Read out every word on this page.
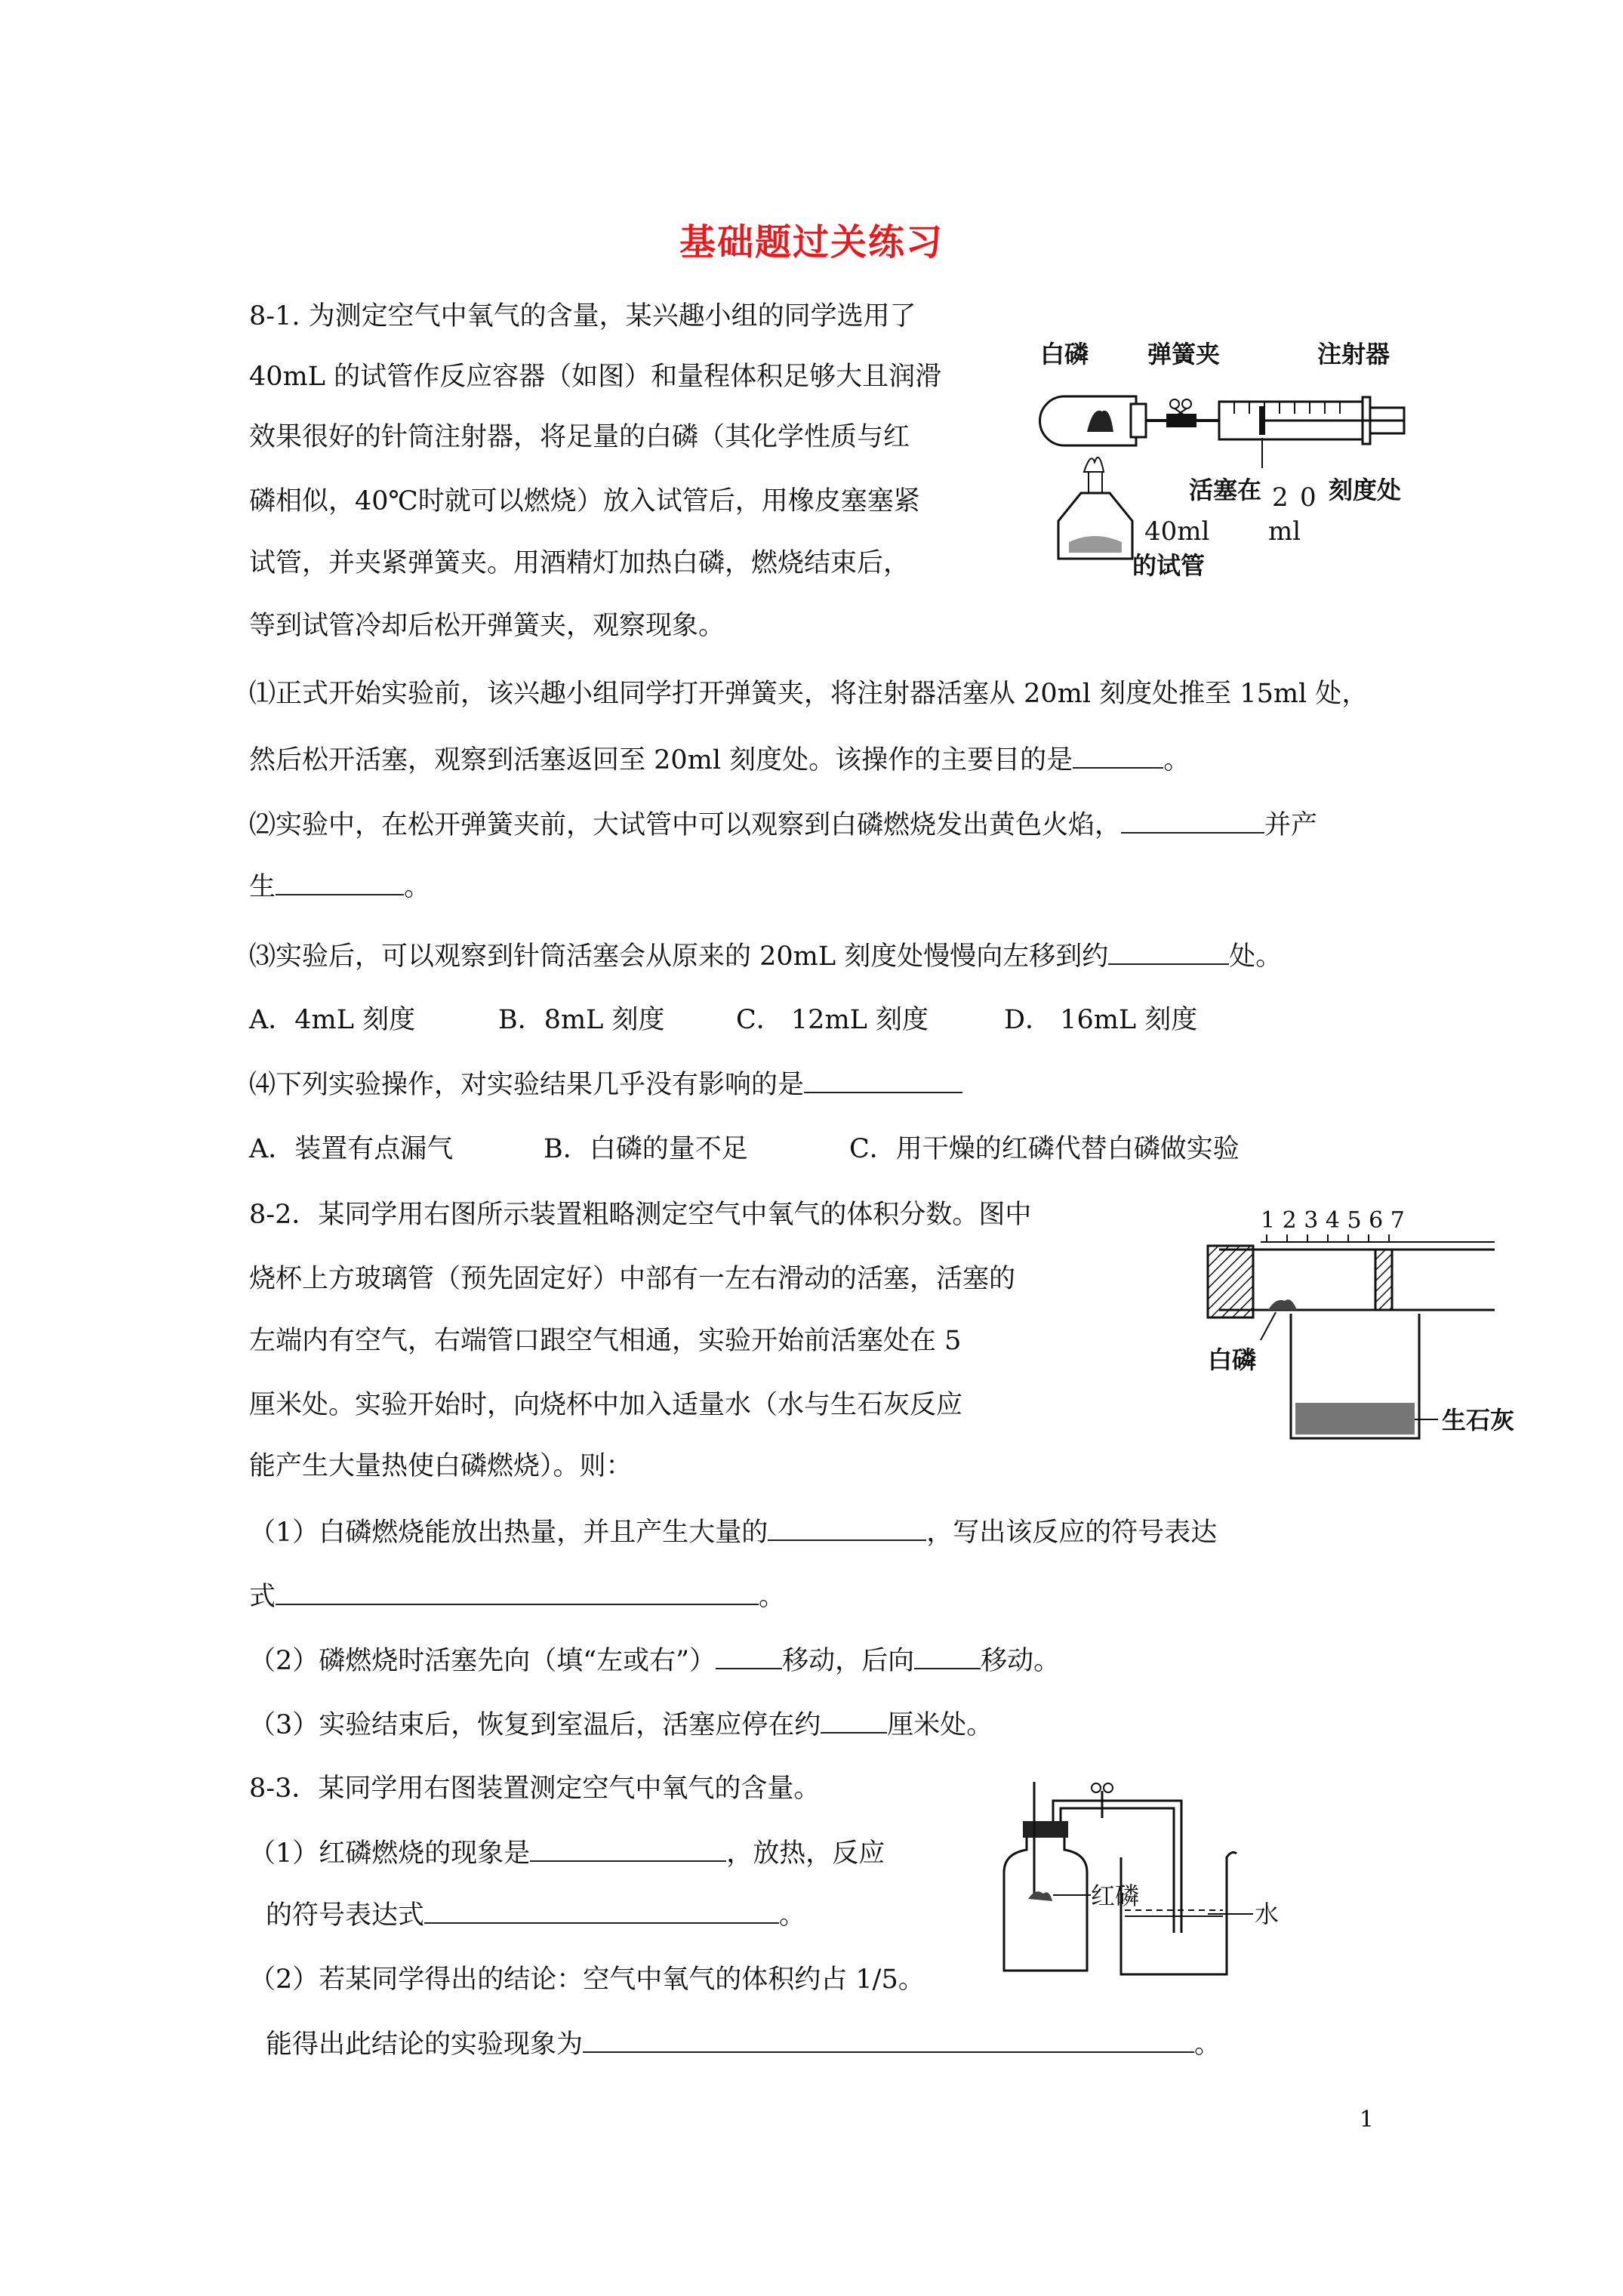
基础题过关练习
8-1. 为测定空气中氧气的含量，某兴趣小组的同学选用了
40mL 的试管作反应容器（如图）和量程体积足够大且润滑
效果很好的针筒注射器，将足量的白磷（其化学性质与红
磷相似，40℃时就可以燃烧）放入试管后，用橡皮塞塞紧
试管，并夹紧弹簧夹。用酒精灯加热白磷，燃烧结束后，
等到试管冷却后松开弹簧夹，观察现象。
白磷 弹簧夹	注射器
活塞在 2 0 刻度处
ml
40ml
的试管
⑴正式开始实验前，该兴趣小组同学打开弹簧夹，将注射器活塞从 20ml 刻度处推至 15ml 处，
然后松开活塞，观察到活塞返回至 20ml 刻度处。该操作的主要目的是	。
⑵实验中，在松开弹簧夹前，大试管中可以观察到白磷燃烧发出黄色火焰，	并产
生	。
⑶实验后，可以观察到针筒活塞会从原来的 20mL 刻度处慢慢向左移到约	处。
A．4mL 刻度	B．8mL 刻度	C． 12mL 刻度	D． 16mL 刻度
⑷下列实验操作，对实验结果几乎没有影响的是
A．装置有点漏气	B．白磷的量不足	C．用干燥的红磷代替白磷做实验
8-2．某同学用右图所示装置粗略测定空气中氧气的体积分数。图中
烧杯上方玻璃管（预先固定好）中部有一左右滑动的活塞，活塞的
左端内有空气，右端管口跟空气相通，实验开始前活塞处在 5
厘米处。实验开始时，向烧杯中加入适量水（水与生石灰反应
能产生大量热使白磷燃烧）。则：
1 2 3 4 5 6 7
白磷
生石灰
（1）白磷燃烧能放出热量，并且产生大量的	，写出该反应的符号表达
式	。
（2）磷燃烧时活塞先向（填“左或右”）	移动，后向	移动。
（3）实验结束后，恢复到室温后，活塞应停在约	厘米处。
8-3．某同学用右图装置测定空气中氧气的含量。
（1）红磷燃烧的现象是	，放热，反应
的符号表达式	。
（2）若某同学得出的结论：空气中氧气的体积约占 1/5。
能得出此结论的实验现象为	。
红磷
水
1
